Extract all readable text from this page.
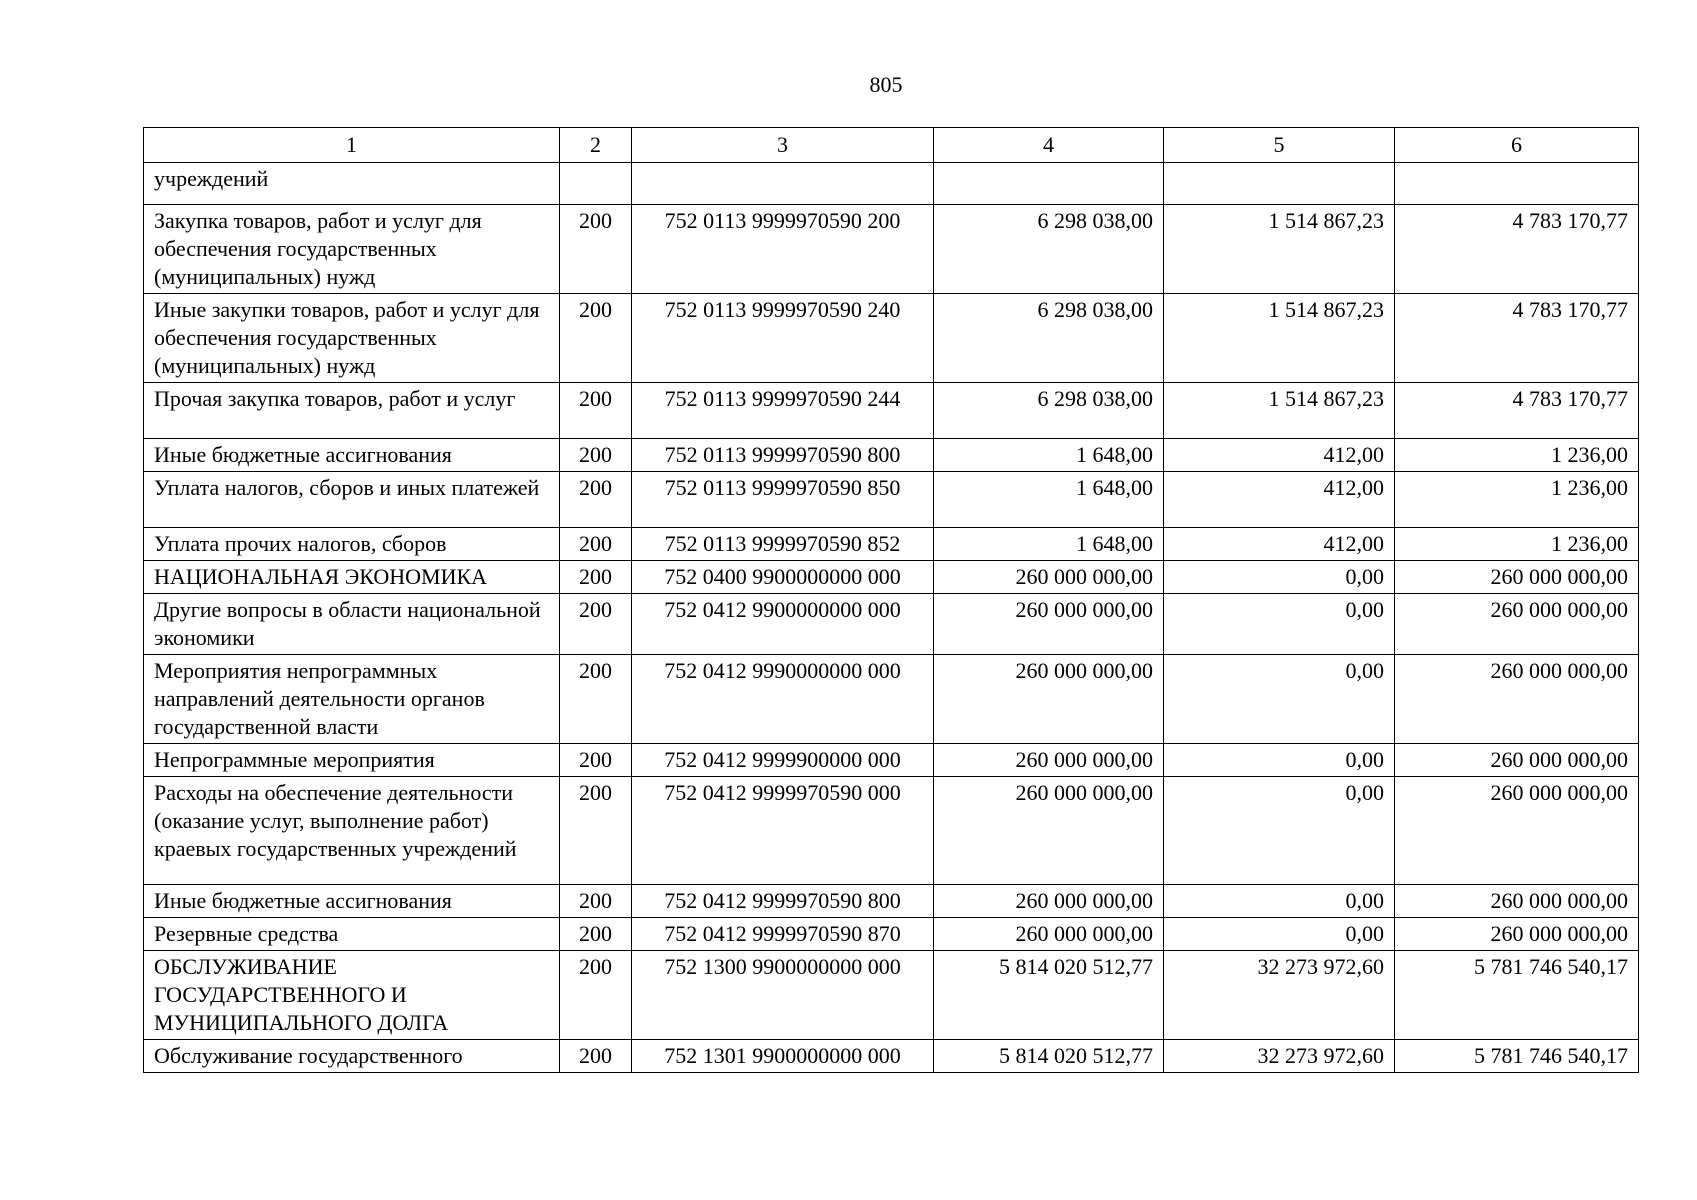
805
1	2	3	4	5	6
учреждений					
Закупка товаров, работ и услуг для обеспечения государственных (муниципальных) нужд	200	752 0113 9999970590 200	6 298 038,00	1 514 867,23	4 783 170,77
Иные закупки товаров, работ и услуг для обеспечения государственных (муниципальных) нужд	200	752 0113 9999970590 240	6 298 038,00	1 514 867,23	4 783 170,77
Прочая закупка товаров, работ и услуг	200	752 0113 9999970590 244	6 298 038,00	1 514 867,23	4 783 170,77
Иные бюджетные ассигнования	200	752 0113 9999970590 800	1 648,00	412,00	1 236,00
Уплата налогов, сборов и иных платежей	200	752 0113 9999970590 850	1 648,00	412,00	1 236,00
Уплата прочих налогов, сборов	200	752 0113 9999970590 852	1 648,00	412,00	1 236,00
НАЦИОНАЛЬНАЯ ЭКОНОМИКА	200	752 0400 9900000000 000	260 000 000,00	0,00	260 000 000,00
Другие вопросы в области национальной экономики	200	752 0412 9900000000 000	260 000 000,00	0,00	260 000 000,00
Мероприятия непрограммных направлений деятельности органов государственной власти	200	752 0412 9990000000 000	260 000 000,00	0,00	260 000 000,00
Непрограммные мероприятия	200	752 0412 9999900000 000	260 000 000,00	0,00	260 000 000,00
Расходы на обеспечение деятельности (оказание услуг, выполнение работ) краевых государственных учреждений	200	752 0412 9999970590 000	260 000 000,00	0,00	260 000 000,00
Иные бюджетные ассигнования	200	752 0412 9999970590 800	260 000 000,00	0,00	260 000 000,00
Резервные средства	200	752 0412 9999970590 870	260 000 000,00	0,00	260 000 000,00
ОБСЛУЖИВАНИЕ ГОСУДАРСТВЕННОГО И МУНИЦИПАЛЬНОГО ДОЛГА	200	752 1300 9900000000 000	5 814 020 512,77	32 273 972,60	5 781 746 540,17
Обслуживание государственного	200	752 1301 9900000000 000	5 814 020 512,77	32 273 972,60	5 781 746 540,17
